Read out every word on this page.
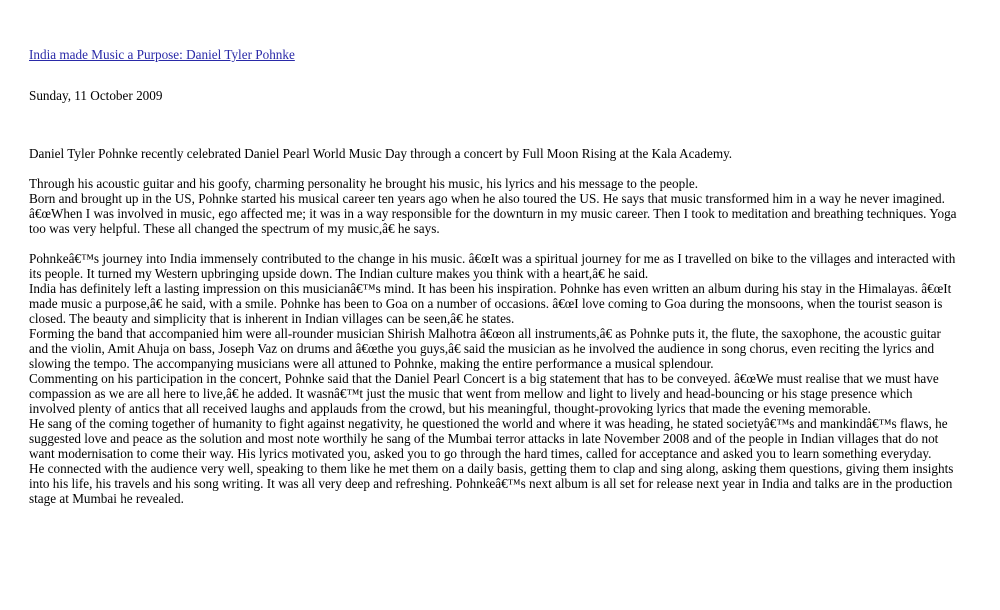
India made Music a Purpose: Daniel Tyler Pohnke
Sunday, 11 October 2009

Daniel Tyler Pohnke recently celebrated Daniel Pearl World Music Day through a concert by Full Moon Rising at the Kala Academy.

Through his acoustic guitar and his goofy, charming personality he brought his music, his lyrics and his message to the people.

Born and brought up in the US, Pohnke started his musical career ten years ago when he also toured the US. He says that music transformed him in a way he never imagined. â€œWhen I was involved in music, ego affected me; it was in a way responsible for the downturn in my music career. Then I took to meditation and breathing techniques. Yoga too was very helpful. These all changed the spectrum of my music,â€ he says.

Pohnkeâ€™s journey into India immensely contributed to the change in his music. â€œIt was a spiritual journey for me as I travelled on bike to the villages and interacted with its people. It turned my Western upbringing upside down. The Indian culture makes you think with a heart,â€ he said.

India has definitely left a lasting impression on this musicianâ€™s mind. It has been his inspiration. Pohnke has even written an album during his stay in the Himalayas. â€œIt made music a purpose,â€ he said, with a smile. Pohnke has been to Goa on a number of occasions. â€œI love coming to Goa during the monsoons, when the tourist season is closed. The beauty and simplicity that is inherent in Indian villages can be seen,â€ he states.

Forming the band that accompanied him were all-rounder musician Shirish Malhotra â€œon all instruments,â€ as Pohnke puts it, the flute, the saxophone, the acoustic guitar and the violin, Amit Ahuja on bass, Joseph Vaz on drums and â€œthe you guys,â€ said the musician as he involved the audience in song chorus, even reciting the lyrics and slowing the tempo. The accompanying musicians were all attuned to Pohnke, making the entire performance a musical splendour.

Commenting on his participation in the concert, Pohnke said that the Daniel Pearl Concert is a big statement that has to be conveyed. â€œWe must realise that we must have compassion as we are all here to live,â€ he added. It wasnâ€™t just the music that went from mellow and light to lively and head-bouncing or his stage presence which involved plenty of antics that all received laughs and applauds from the crowd, but his meaningful, thought-provoking lyrics that made the evening memorable.

He sang of the coming together of humanity to fight against negativity, he questioned the world and where it was heading, he stated societyâ€™s and mankindâ€™s flaws, he suggested love and peace as the solution and most note worthily he sang of the Mumbai terror attacks in late November 2008 and of the people in Indian villages that do not want modernisation to come their way. His lyrics motivated you, asked you to go through the hard times, called for acceptance and asked you to learn something everyday.

He connected with the audience very well, speaking to them like he met them on a daily basis, getting them to clap and sing along, asking them questions, giving them insights into his life, his travels and his song writing. It was all very deep and refreshing. Pohnkeâ€™s next album is all set for release next year in India and talks are in the production stage at Mumbai he revealed.
